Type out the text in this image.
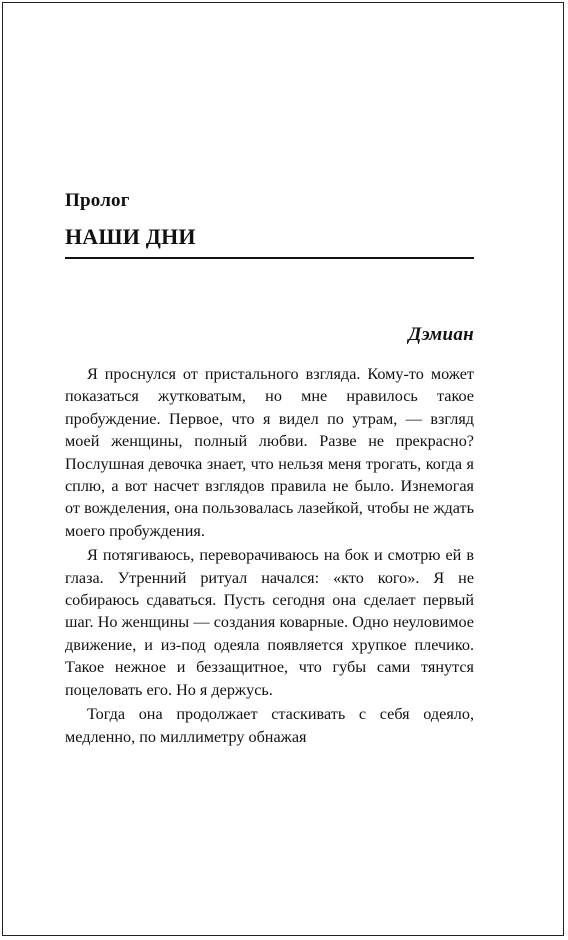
Пролог
НАШИ ДНИ
Дэмиан

Я проснулся от пристального взгляда. Кому-то может показаться жутковатым, но мне нравилось такое пробуждение. Первое, что я видел по утрам, — взгляд моей женщины, полный любви. Разве не прекрасно? Послушная девочка знает, что нельзя меня трогать, когда я сплю, а вот насчет взглядов правила не было. Изнемогая от вожделения, она пользовалась лазейкой, чтобы не ждать моего пробуждения.

Я потягиваюсь, переворачиваюсь на бок и смотрю ей в глаза. Утренний ритуал начался: «кто кого». Я не собираюсь сдаваться. Пусть сегодня она сделает первый шаг. Но женщины — создания коварные. Одно неуловимое движение, и из-под одеяла появляется хрупкое плечико. Такое нежное и беззащитное, что губы сами тянутся поцеловать его. Но я держусь.

Тогда она продолжает стаскивать с себя одеяло, медленно, по миллиметру обнажая
